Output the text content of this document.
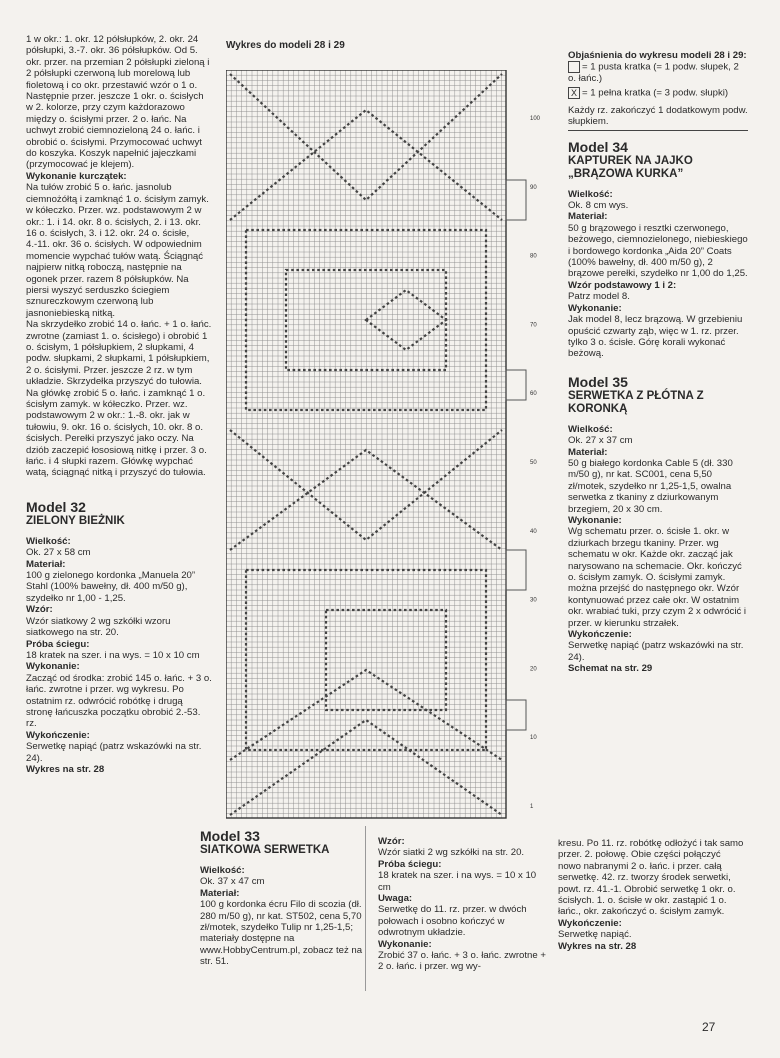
1 w okr.: 1. okr. 12 półsłupków, 2. okr. 24 półsłupki, 3.-7. okr. 36 półsłupków. Od 5. okr. przer. na przemian 2 półsłupki zieloną i 2 półsłupki czerwoną lub morelową lub fioletową i co okr. przestawić wzór o 1 o. Następnie przer. jeszcze 1 okr. o. ścisłych w 2. kolorze, przy czym każdorazowo między o. ścisłymi przer. 2 o. łańc. Na uchwyt zrobić ciemnozieloną 24 o. łańc. i obrobić o. ścisłymi. Przymocować uchwyt do koszyka. Koszyk napełnić jajeczkami (przymocować je klejem).

Wykonanie kurczątek:

Na tułów zrobić 5 o. łańc. jasnolub ciemnożółtą i zamknąć 1 o. ścisłym zamyk. w kółeczko. Przer. wz. podstawowym 2 w okr.: 1. i 14. okr. 8 o. ścisłych, 2. i 13. okr. 16 o. ścisłych, 3. i 12. okr. 24 o. ścisłe, 4.-11. okr. 36 o. ścisłych. W odpowiednim momencie wypchać tułów watą. Ściągnąć najpierw nitką roboczą, następnie na ogonek przer. razem 8 półsłupków. Na piersi wyszyć serduszko ściegiem sznureczkowym czerwoną lub jasnoniebieską nitką.

Na skrzydełko zrobić 14 o. łańc. + 1 o. łańc. zwrotne (zamiast 1. o. ścisłego) i obrobić 1 o. ścisłym, 1 półsłupkiem, 2 słupkami, 4 podw. słupkami, 2 słupkami, 1 półsłupkiem, 2 o. ścisłymi. Przer. jeszcze 2 rz. w tym układzie. Skrzydełka przyszyć do tułowia.

Na główkę zrobić 5 o. łańc. i zamknąć 1 o. ścisłym zamyk. w kółeczko. Przer. wz. podstawowym 2 w okr.: 1.-8. okr. jak w tułowiu, 9. okr. 16 o. ścisłych, 10. okr. 8 o. ścisłych. Perełki przyszyć jako oczy. Na dziób zaczepić łososiową nitkę i przer. 3 o. łańc. i 4 słupki razem. Główkę wypchać watą, ściągnąć nitką i przyszyć do tułowia.

Model 32
ZIELONY BIEŻNIK

Wielkość:

Ok. 27 x 58 cm

Materiał:

100 g zielonego kordonka „Manuela 20” Stahl (100% bawełny, dł. 400 m/50 g), szydełko nr 1,00 - 1,25.

Wzór:

Wzór siatkowy 2 wg szkółki wzoru siatkowego na str. 20.

Próba ściegu:

18 kratek na szer. i na wys. = 10 x 10 cm

Wykonanie:

Zacząć od środka: zrobić 145 o. łańc. + 3 o. łańc. zwrotne i przer. wg wykresu. Po ostatnim rz. odwrócić robótkę i drugą stronę łańcuszka początku obrobić 2.-53. rz.

Wykończenie:

Serwetkę napiąć (patrz wskazówki na str. 24).

Wykres na str. 28

Wykres do modeli 28 i 29
100
90
80
70
60
50
40
30
20
10
1

Objaśnienia do wykresu modeli 28 i 29:

= 1 pusta kratka (= 1 podw. słupek, 2 o. łańc.)
X = 1 pełna kratka (= 3 podw. słupki)

Każdy rz. zakończyć 1 dodatkowym podw. słupkiem.

Model 34
KAPTUREK NA JAJKO „BRĄZOWA KURKA”

Wielkość:

Ok. 8 cm wys.

Materiał:

50 g brązowego i resztki czerwonego, beżowego, ciemnozielonego, niebieskiego i bordowego kordonka „Aida 20” Coats (100% bawełny, dł. 400 m/50 g), 2 brązowe perełki, szydełko nr 1,00 do 1,25.

Wzór podstawowy 1 i 2:

Patrz model 8.

Wykonanie:

Jak model 8, lecz brązową. W grzebieniu opuścić czwarty ząb, więc w 1. rz. przer. tylko 3 o. ścisłe. Górę korali wykonać beżową.

Model 35
SERWETKA Z PŁÓTNA Z KORONKĄ

Wielkość:

Ok. 27 x 37 cm

Materiał:

50 g białego kordonka Cable 5 (dł. 330 m/50 g), nr kat. SC001, cena 5,50 zł/motek, szydełko nr 1,25-1,5, owalna serwetka z tkaniny z dziurkowanym brzegiem, 20 x 30 cm.

Wykonanie:

Wg schematu przer. o. ścisłe 1. okr. w dziurkach brzegu tkaniny. Przer. wg schematu w okr. Każde okr. zacząć jak narysowano na schemacie. Okr. kończyć o. ścisłym zamyk. O. ścisłymi zamyk. można przejść do następnego okr. Wzór kontynuować przez całe okr. W ostatnim okr. wrabiać tuki, przy czym 2 x odwrócić i przer. w kierunku strzałek.

Wykończenie:

Serwetkę napiąć (patrz wskazówki na str. 24).

Schemat na str. 29

Model 33
SIATKOWA SERWETKA

Wielkość:

Ok. 37 x 47 cm

Materiał:

100 g kordonka écru Filo di scozia (dł. 280 m/50 g), nr kat. ST502, cena 5,70 zł/motek, szydełko Tulip nr 1,25-1,5; materiały dostępne na www.HobbyCentrum.pl, zobacz też na str. 51.

Wzór:

Wzór siatki 2 wg szkółki na str. 20.

Próba ściegu:

18 kratek na szer. i na wys. = 10 x 10 cm

Uwaga:

Serwetkę do 11. rz. przer. w dwóch połowach i osobno kończyć w odwrotnym układzie.

Wykonanie:

Zrobić 37 o. łańc. + 3 o. łańc. zwrotne + 2 o. łańc. i przer. wg wy-

kresu. Po 11. rz. robótkę odłożyć i tak samo przer. 2. połowę. Obie części połączyć nowo nabranymi 2 o. łańc. i przer. całą serwetkę. 42. rz. tworzy środek serwetki, powt. rz. 41.-1. Obrobić serwetkę 1 okr. o. ścisłych. 1. o. ścisłe w okr. zastąpić 1 o. łańc., okr. zakończyć o. ścisłym zamyk.

Wykończenie:

Serwetkę napiąć.

Wykres na str. 28

27
